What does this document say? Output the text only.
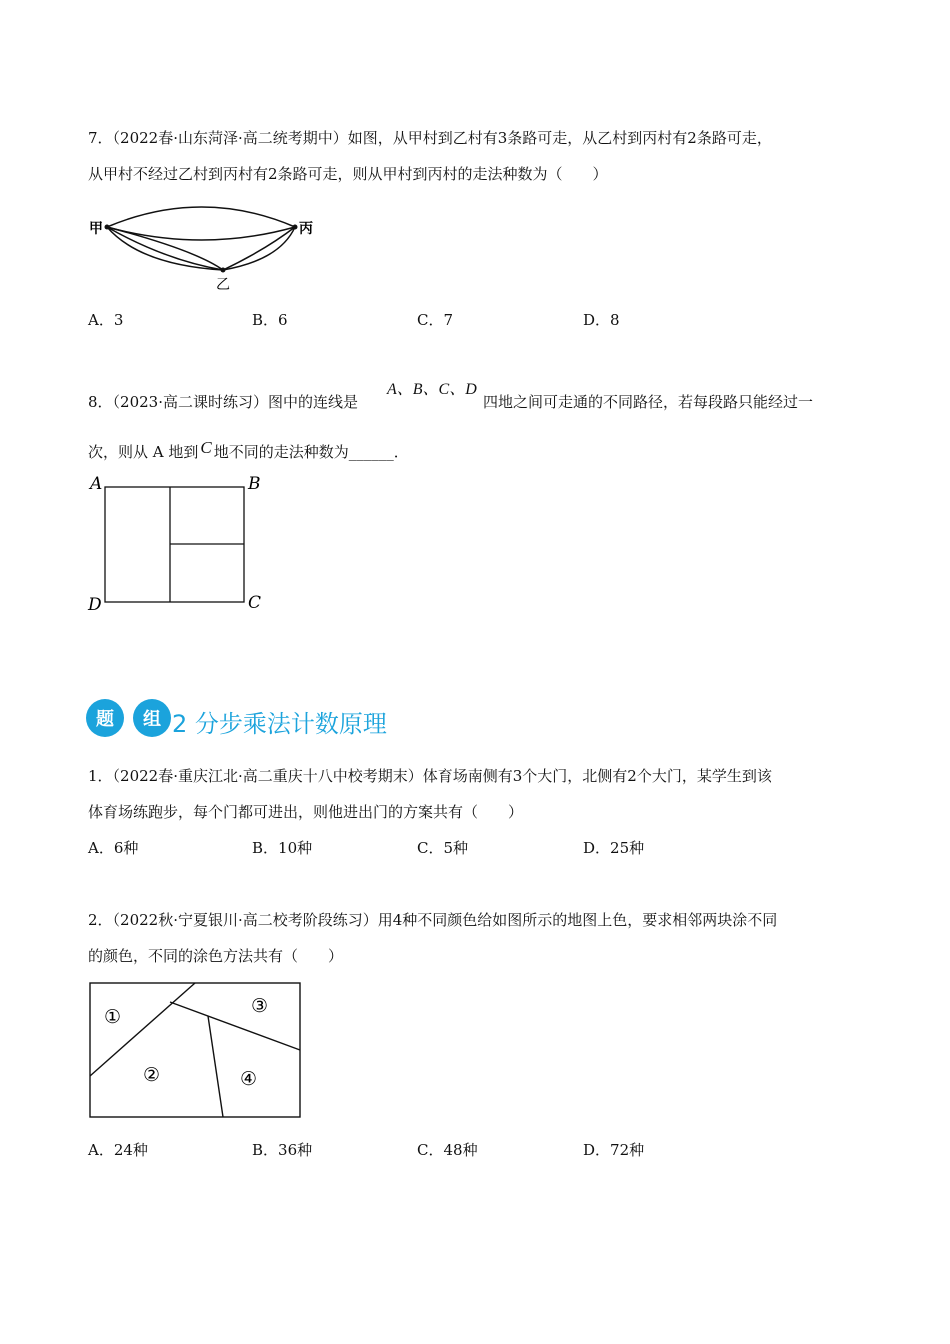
7．（2022春·山东菏泽·高二统考期中）如图，从甲村到乙村有3条路可走，从乙村到丙村有2条路可走，
从甲村不经过乙村到丙村有2条路可走，则从甲村到丙村的走法种数为（　　）
甲	丙
乙
A．3	B．6	C．7	D．8
8．（2023·高二课时练习）图中的连线是
A、B、C、D
四地之间可走通的不同路径，若每段路只能经过一
次，则从 A 地到 C 地不同的走法种数为______．
A	B
C
D
题	组 2 分步乘法计数原理
1．（2022春·重庆江北·高二重庆十八中校考期末）体育场南侧有3个大门，北侧有2个大门，某学生到该
体育场练跑步，每个门都可进出，则他进出门的方案共有（　　）
A．6种	B．10种	C．5种	D．25种
2．（2022秋·宁夏银川·高二校考阶段练习）用4种不同颜色给如图所示的地图上色，要求相邻两块涂不同
的颜色，不同的涂色方法共有（　　）
①
②
③
④
A．24种	B．36种	C．48种	D．72种
